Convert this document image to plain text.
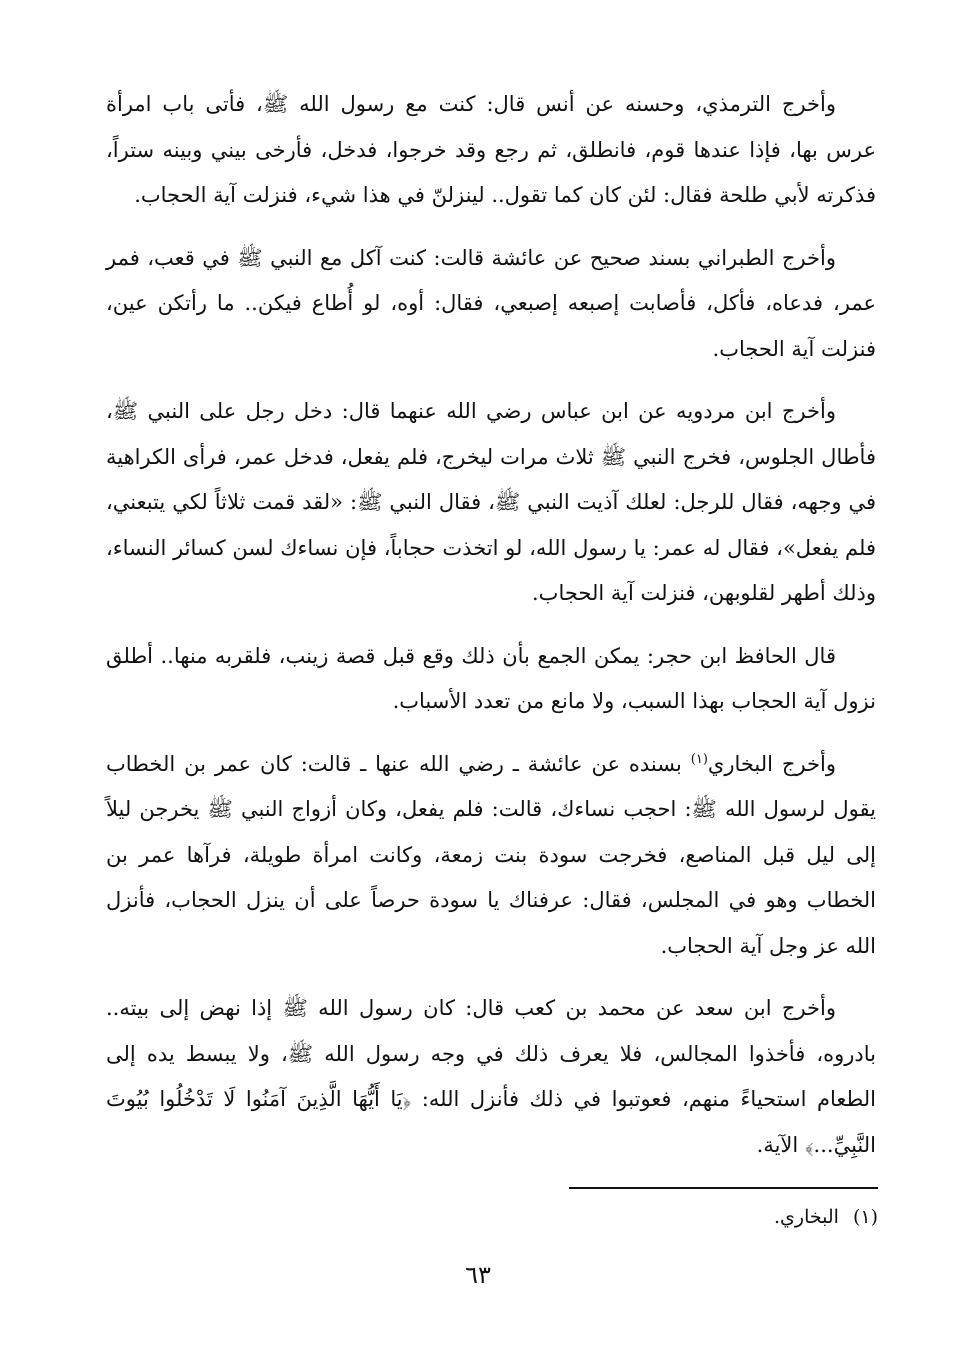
وأخرج الترمذي، وحسنه عن أنس قال: كنت مع رسول الله ﷺ، فأتى باب امرأة عرس بها، فإذا عندها قوم، فانطلق، ثم رجع وقد خرجوا، فدخل، فأرخى بيني وبينه ستراً، فذكرته لأبي طلحة فقال: لئن كان كما تقول.. لينزلنّ في هذا شيء، فنزلت آية الحجاب.

وأخرج الطبراني بسند صحيح عن عائشة قالت: كنت آكل مع النبي ﷺ في قعب، فمر عمر، فدعاه، فأكل، فأصابت إصبعه إصبعي، فقال: أوه، لو أُطاع فيكن.. ما رأتكن عين، فنزلت آية الحجاب.

وأخرج ابن مردويه عن ابن عباس رضي الله عنهما قال: دخل رجل على النبي ﷺ، فأطال الجلوس، فخرج النبي ﷺ ثلاث مرات ليخرج، فلم يفعل، فدخل عمر، فرأى الكراهية في وجهه، فقال للرجل: لعلك آذيت النبي ﷺ، فقال النبي ﷺ: «لقد قمت ثلاثاً لكي يتبعني، فلم يفعل»، فقال له عمر: يا رسول الله، لو اتخذت حجاباً، فإن نساءك لسن كسائر النساء، وذلك أطهر لقلوبهن، فنزلت آية الحجاب.

قال الحافظ ابن حجر: يمكن الجمع بأن ذلك وقع قبل قصة زينب، فلقربه منها.. أطلق نزول آية الحجاب بهذا السبب، ولا مانع من تعدد الأسباب.

وأخرج البخاري$^{(١)}$ بسنده عن عائشة ـ رضي الله عنها ـ قالت: كان عمر بن الخطاب يقول لرسول الله ﷺ: احجب نساءك، قالت: فلم يفعل، وكان أزواج النبي ﷺ يخرجن ليلاً إلى ليل قبل المناصع، فخرجت سودة بنت زمعة، وكانت امرأة طويلة، فرآها عمر بن الخطاب وهو في المجلس، فقال: عرفناك يا سودة حرصاً على أن ينزل الحجاب، فأنزل الله عز وجل آية الحجاب.

وأخرج ابن سعد عن محمد بن كعب قال: كان رسول الله ﷺ إذا نهض إلى بيته.. بادروه، فأخذوا المجالس، فلا يعرف ذلك في وجه رسول الله ﷺ، ولا يبسط يده إلى الطعام استحياءً منهم، فعوتبوا في ذلك فأنزل الله: ﴿يَا أَيُّهَا الَّذِينَ آمَنُوا لَا تَدْخُلُوا بُيُوتَ النَّبِيِّ...﴾ الآية.

(١)البخاري.
٦٣
